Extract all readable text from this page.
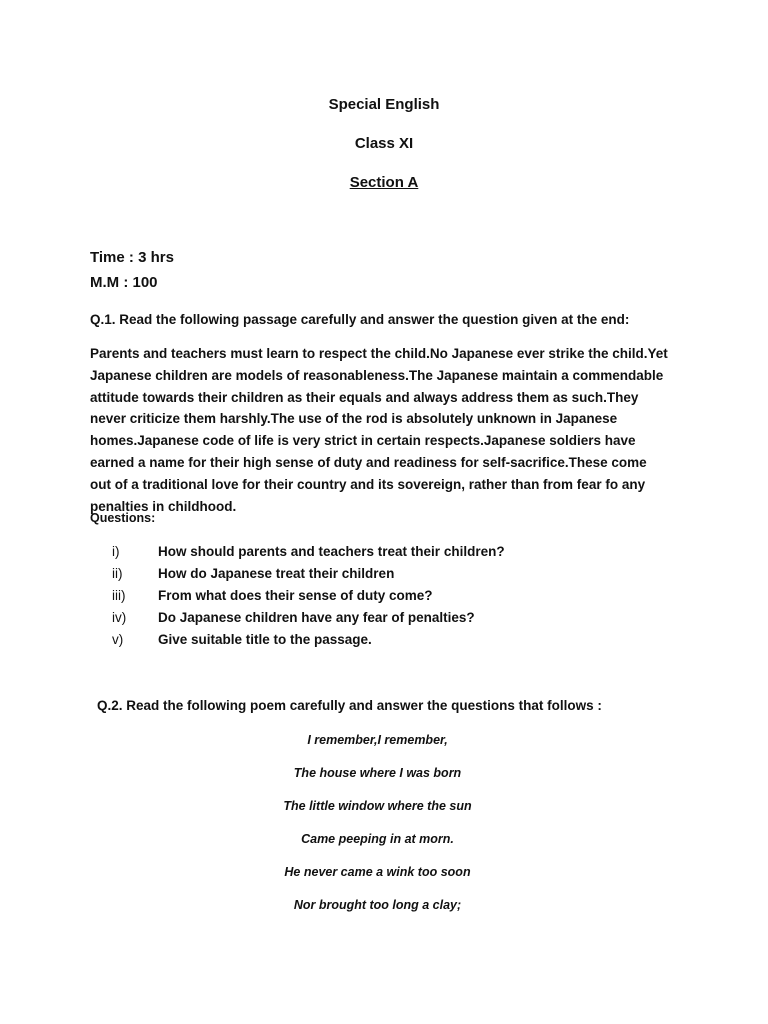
Special English
Class XI
Section A
Time : 3 hrs
M.M : 100
Q.1. Read the following passage carefully and answer the question given at the end:
Parents and teachers must learn to respect the child.No Japanese ever strike the child.Yet Japanese children are models of reasonableness.The Japanese maintain a commendable attitude towards their children as their equals and always address them as such.They never criticize them harshly.The use of the rod is absolutely unknown in Japanese homes.Japanese code of life is very strict in certain respects.Japanese soldiers have earned a name for their high sense of duty and readiness for self-sacrifice.These come out of a traditional love for their country and its sovereign, rather than from fear fo any penalties in childhood.
Questions:
i)	How should parents and teachers treat their children?
ii)	How do Japanese treat their children
iii) From what does their sense of duty come?
iv) Do Japanese children have any fear of penalties?
v)	Give suitable title to the passage.
Q.2. Read the following poem carefully and answer the questions that follows :
I remember,I remember,
The house where I was born
The little window where the sun
Came peeping in at morn.
He never came a wink too soon
Nor brought too long a clay;
